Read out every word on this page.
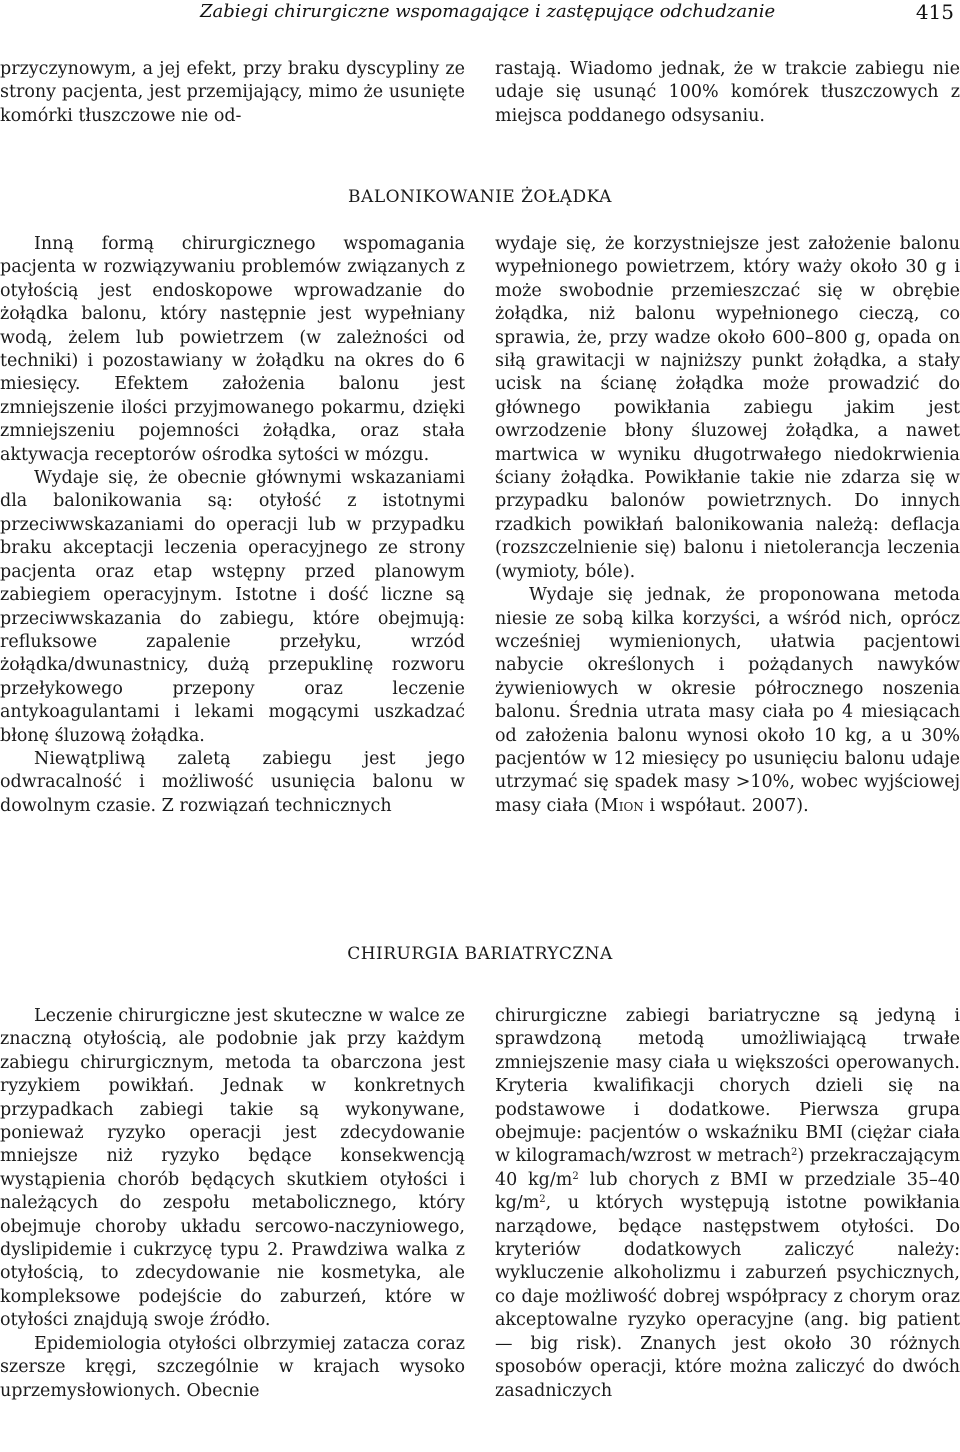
Zabiegi chirurgiczne wspomagające i zastępujące odchudzanie	415

przyczynowym, a jej efekt, przy braku dyscypliny ze strony pacjenta, jest przemijający, mimo że usunięte komórki tłuszczowe nie od-

rastają. Wiadomo jednak, że w trakcie zabiegu nie udaje się usunąć 100% komórek tłuszczowych z miejsca poddanego odsysaniu.

BALONIKOWANIE ŻOŁĄDKA

Inną formą chirurgicznego wspomagania pacjenta w rozwiązywaniu problemów związanych z otyłością jest endoskopowe wprowadzanie do żołądka balonu, który następnie jest wypełniany wodą, żelem lub powietrzem (w zależności od techniki) i pozostawiany w żołądku na okres do 6 miesięcy. Efektem założenia balonu jest zmniejszenie ilości przyjmowanego pokarmu, dzięki zmniejszeniu pojemności żołądka, oraz stała aktywacja receptorów ośrodka sytości w mózgu.

Wydaje się, że obecnie głównymi wskazaniami dla balonikowania są: otyłość z istotnymi przeciwwskazaniami do operacji lub w przypadku braku akceptacji leczenia operacyjnego ze strony pacjenta oraz etap wstępny przed planowym zabiegiem operacyjnym. Istotne i dość liczne są przeciwwskazania do zabiegu, które obejmują: refluksowe zapalenie przełyku, wrzód żołądka/dwunastnicy, dużą przepuklinę rozworu przełykowego przepony oraz leczenie antykoagulantami i lekami mogącymi uszkadzać błonę śluzową żołądka.

Niewątpliwą zaletą zabiegu jest jego odwracalność i możliwość usunięcia balonu w dowolnym czasie. Z rozwiązań technicznych

wydaje się, że korzystniejsze jest założenie balonu wypełnionego powietrzem, który waży około 30 g i może swobodnie przemieszczać się w obrębie żołądka, niż balonu wypełnionego cieczą, co sprawia, że, przy wadze około 600–800 g, opada on siłą grawitacji w najniższy punkt żołądka, a stały ucisk na ścianę żołądka może prowadzić do głównego powikłania zabiegu jakim jest owrzodzenie błony śluzowej żołądka, a nawet martwica w wyniku długotrwałego niedokrwienia ściany żołądka. Powikłanie takie nie zdarza się w przypadku balonów powietrznych. Do innych rzadkich powikłań balonikowania należą: deflacja (rozszczelnienie się) balonu i nietolerancja leczenia (wymioty, bóle).

Wydaje się jednak, że proponowana metoda niesie ze sobą kilka korzyści, a wśród nich, oprócz wcześniej wymienionych, ułatwia pacjentowi nabycie określonych i pożądanych nawyków żywieniowych w okresie półrocznego noszenia balonu. Średnia utrata masy ciała po 4 miesiącach od założenia balonu wynosi około 10 kg, a u 30% pacjentów w 12 miesięcy po usunięciu balonu udaje utrzymać się spadek masy >10%, wobec wyjściowej masy ciała (Mion i współaut. 2007).

CHIRURGIA BARIATRYCZNA

Leczenie chirurgiczne jest skuteczne w walce ze znaczną otyłością, ale podobnie jak przy każdym zabiegu chirurgicznym, metoda ta obarczona jest ryzykiem powikłań. Jednak w konkretnych przypadkach zabiegi takie są wykonywane, ponieważ ryzyko operacji jest zdecydowanie mniejsze niż ryzyko będące konsekwencją wystąpienia chorób będących skutkiem otyłości i należących do zespołu metabolicznego, który obejmuje choroby układu sercowo-naczyniowego, dyslipidemie i cukrzycę typu 2. Prawdziwa walka z otyłością, to zdecydowanie nie kosmetyka, ale kompleksowe podejście do zaburzeń, które w otyłości znajdują swoje źródło.

Epidemiologia otyłości olbrzymiej zatacza coraz szersze kręgi, szczególnie w krajach wysoko uprzemysłowionych. Obecnie

chirurgiczne zabiegi bariatryczne są jedyną i sprawdzoną metodą umożliwiającą trwałe zmniejszenie masy ciała u większości operowanych. Kryteria kwalifikacji chorych dzieli się na podstawowe i dodatkowe. Pierwsza grupa obejmuje: pacjentów o wskaźniku BMI (ciężar ciała w kilogramach/wzrost w metrach$^2$) przekraczającym 40 $kg/m^2$ lub chorych z BMI w przedziale 35–40 $kg/m^2$, u których występują istotne powikłania narządowe, będące następstwem otyłości. Do kryteriów dodatkowych zaliczyć należy: wykluczenie alkoholizmu i zaburzeń psychicznych, co daje możliwość dobrej współpracy z chorym oraz akceptowalne ryzyko operacyjne (ang. big patient — big risk). Znanych jest około 30 różnych sposobów operacji, które można zaliczyć do dwóch zasadniczych
